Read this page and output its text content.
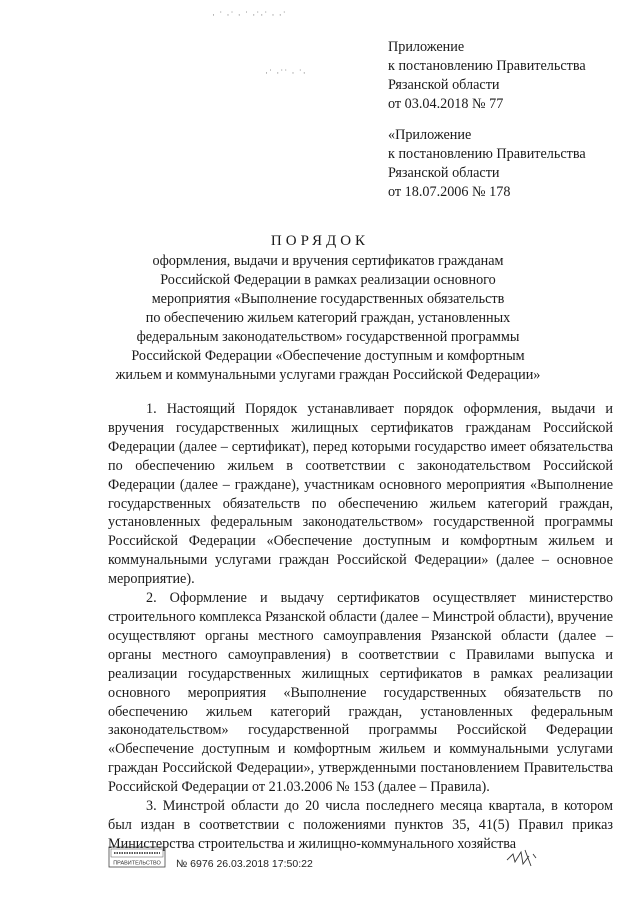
· ˙ ·˙ · ˙ ·˙·˙ · ·˙
·˙ ·˙˙ · ˙·
Приложение
к постановлению Правительства
Рязанской области
от 03.04.2018 № 77
«Приложение
к постановлению Правительства
Рязанской области
от 18.07.2006 № 178
ПОРЯДОК
оформления, выдачи и вручения сертификатов гражданам
Российской Федерации в рамках реализации основного
мероприятия «Выполнение государственных обязательств
по обеспечению жильем категорий граждан, установленных
федеральным законодательством» государственной программы
Российской Федерации «Обеспечение доступным и комфортным
жильем и коммунальными услугами граждан Российской Федерации»

1. Настоящий Порядок устанавливает порядок оформления, выдачи и вручения государственных жилищных сертификатов гражданам Российской Федерации (далее – сертификат), перед которыми государство имеет обязательства по обеспечению жильем в соответствии с законодательством Российской Федерации (далее – граждане), участникам основного мероприятия «Выполнение государственных обязательств по обеспечению жильем категорий граждан, установленных федеральным законодательством» государственной программы Российской Федерации «Обеспечение доступным и комфортным жильем и коммунальными услугами граждан Российской Федерации» (далее – основное мероприятие).

2. Оформление и выдачу сертификатов осуществляет министерство строительного комплекса Рязанской области (далее – Минстрой области), вручение осуществляют органы местного самоуправления Рязанской области (далее – органы местного самоуправления) в соответствии с Правилами выпуска и реализации государственных жилищных сертификатов в рамках реализации основного мероприятия «Выполнение государственных обязательств по обеспечению жильем категорий граждан, установленных федеральным законодательством» государственной программы Российской Федерации «Обеспечение доступным и комфортным жильем и коммунальными услугами граждан Российской Федерации», утвержденными постановлением Правительства Российской Федерации от 21.03.2006 № 153 (далее – Правила).

3. Минстрой области до 20 числа последнего месяца квартала, в котором был издан в соответствии с положениями пунктов 35, 41(5) Правил приказ Министерства строительства и жилищно-коммунального хозяйства

ПРАВИТЕЛЬСТВО № 6976 26.03.2018 17:50:22
